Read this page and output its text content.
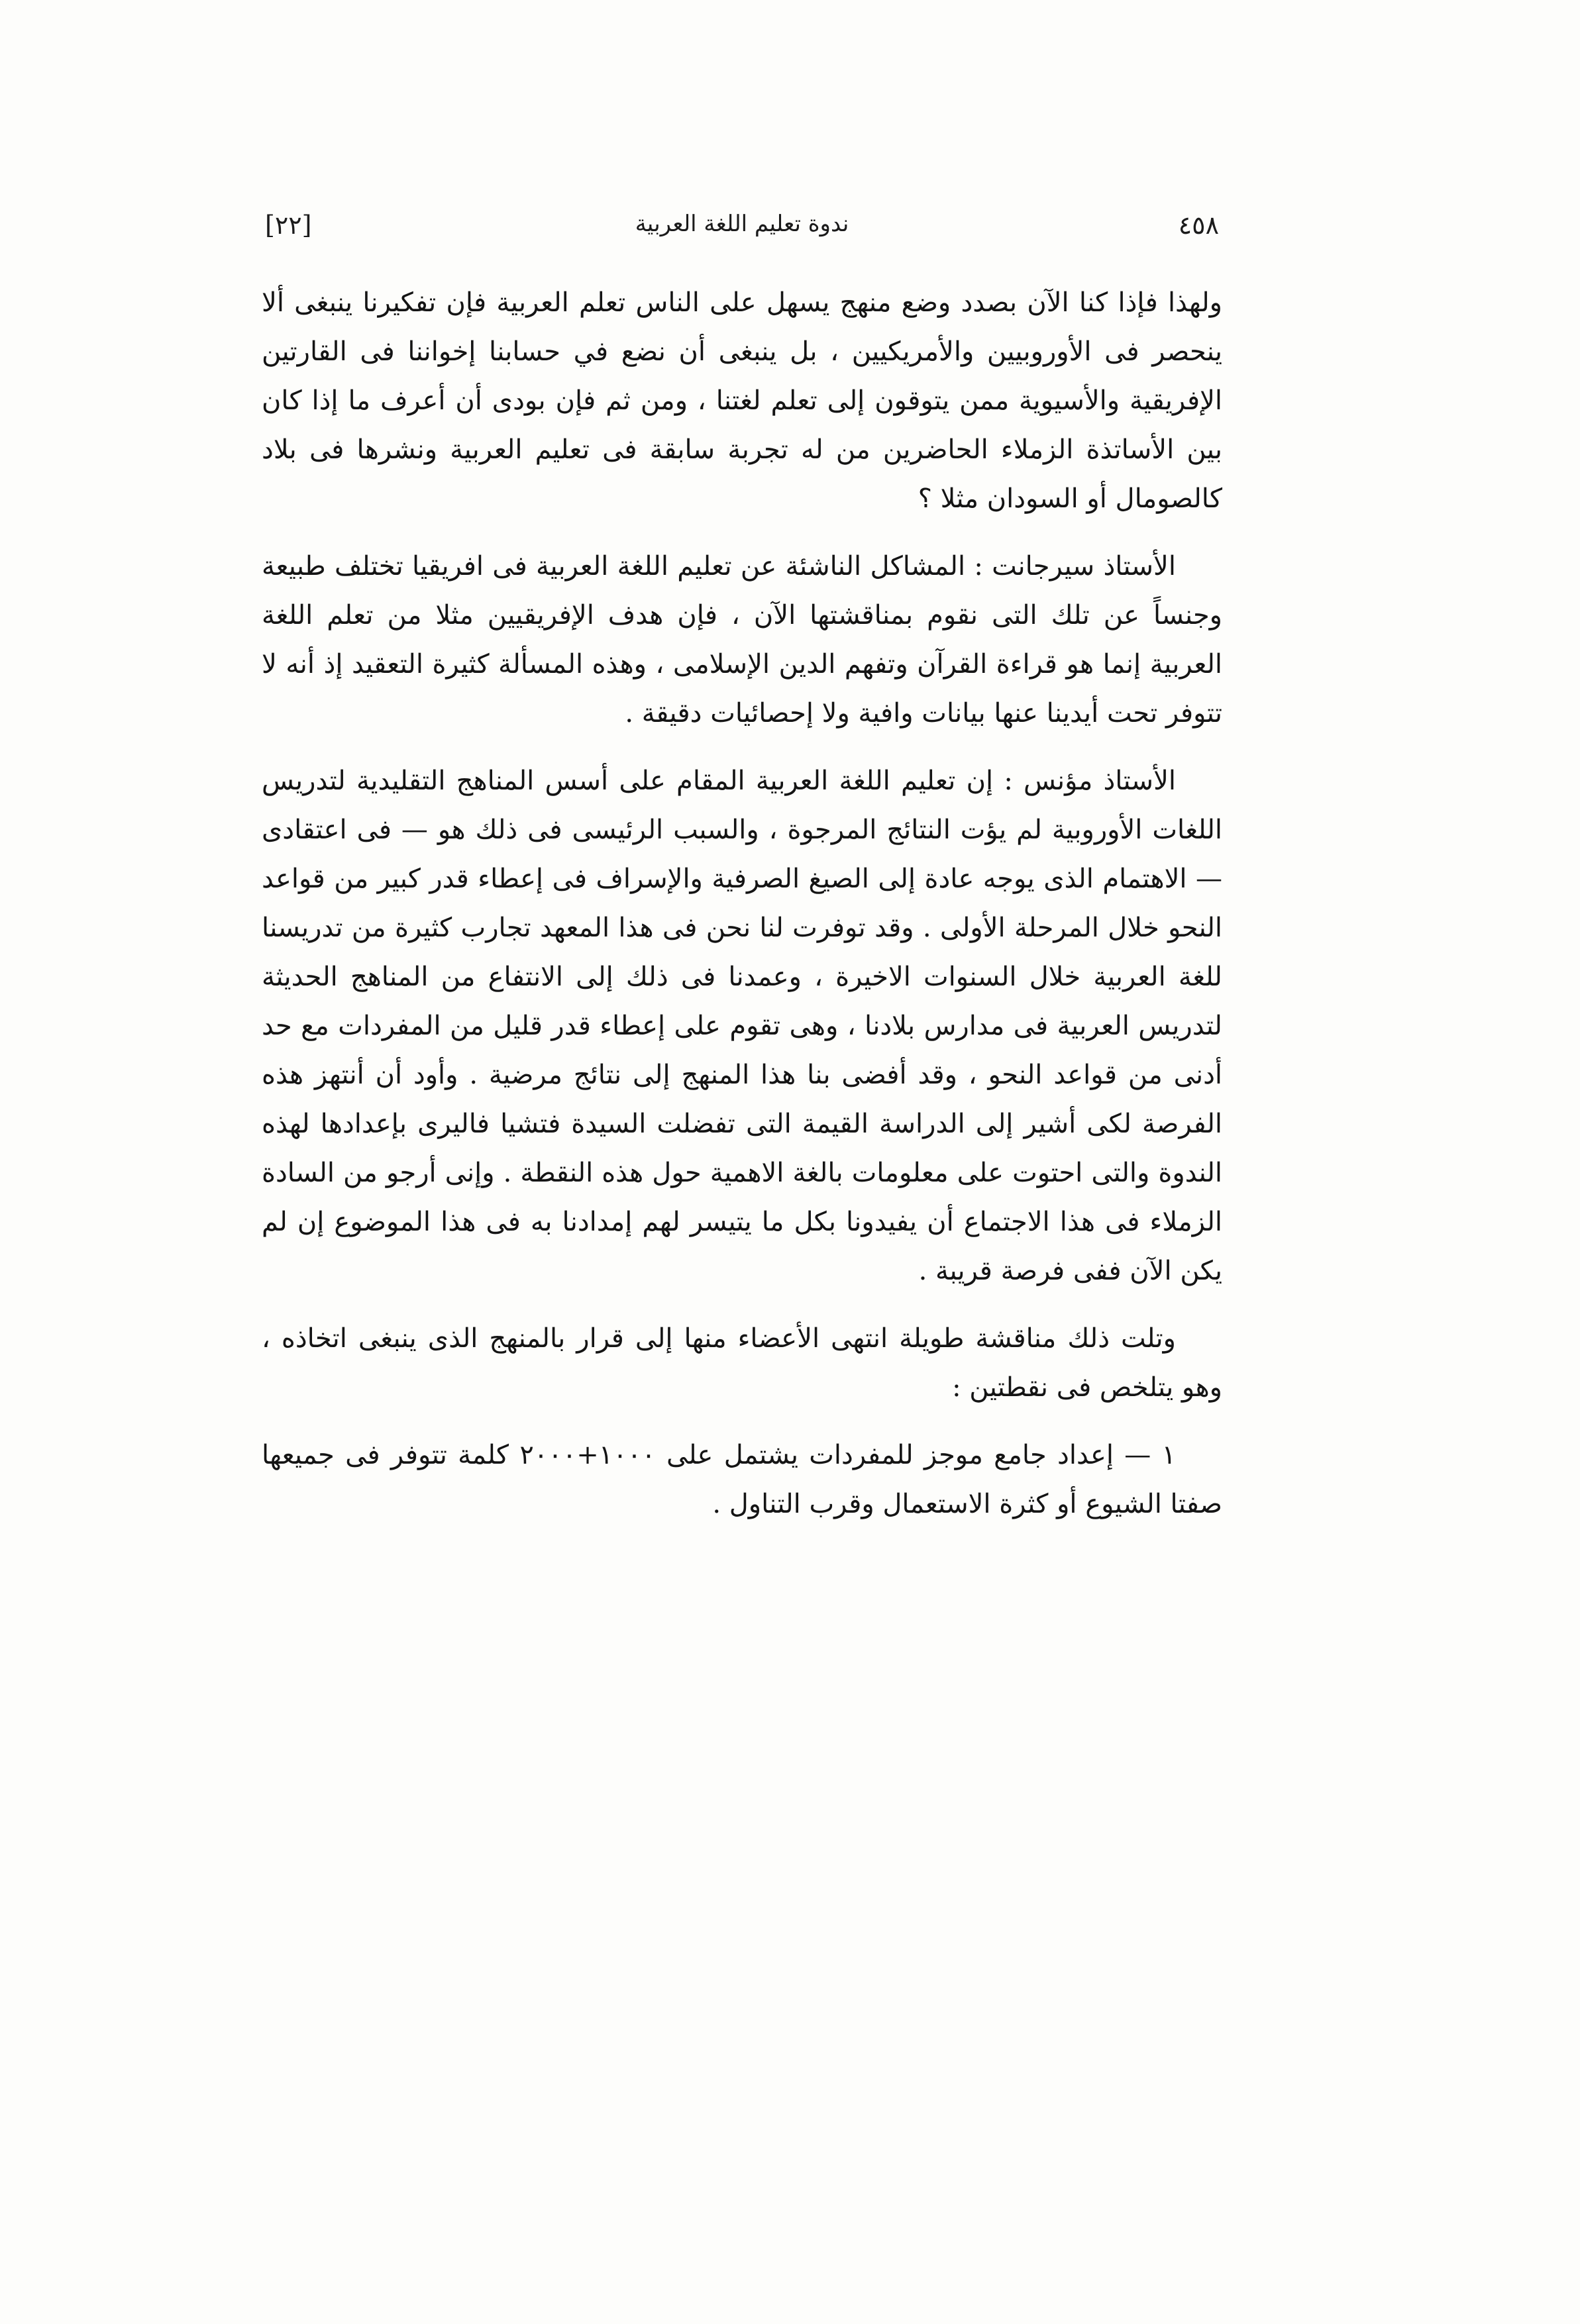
٤٥٨
ندوة تعليم اللغة العربية
[٢٢]

ولهذا فإذا كنا الآن بصدد وضع منهج يسهل على الناس تعلم العربية فإن تفكيرنا ينبغى ألا ينحصر فى الأوروبيين والأمريكيين ، بل ينبغى أن نضع في حسابنا إخواننا فى القارتين الإفريقية والأسيوية ممن يتوقون إلى تعلم لغتنا ، ومن ثم فإن بودى أن أعرف ما إذا كان بين الأساتذة الزملاء الحاضرين من له تجربة سابقة فى تعليم العربية ونشرها فى بلاد كالصومال أو السودان مثلا ؟

الأستاذ سيرجانت : المشاكل الناشئة عن تعليم اللغة العربية فى افريقيا تختلف طبيعة وجنساً عن تلك التى نقوم بمناقشتها الآن ، فإن هدف الإفريقيين مثلا من تعلم اللغة العربية إنما هو قراءة القرآن وتفهم الدين الإسلامى ، وهذه المسألة كثيرة التعقيد إذ أنه لا تتوفر تحت أيدينا عنها بيانات وافية ولا إحصائيات دقيقة .

الأستاذ مؤنس : إن تعليم اللغة العربية المقام على أسس المناهج التقليدية لتدريس اللغات الأوروبية لم يؤت النتائج المرجوة ، والسبب الرئيسى فى ذلك هو — فى اعتقادى — الاهتمام الذى يوجه عادة إلى الصيغ الصرفية والإسراف فى إعطاء قدر كبير من قواعد النحو خلال المرحلة الأولى . وقد توفرت لنا نحن فى هذا المعهد تجارب كثيرة من تدريسنا للغة العربية خلال السنوات الاخيرة ، وعمدنا فى ذلك إلى الانتفاع من المناهج الحديثة لتدريس العربية فى مدارس بلادنا ، وهى تقوم على إعطاء قدر قليل من المفردات مع حد أدنى من قواعد النحو ، وقد أفضى بنا هذا المنهج إلى نتائج مرضية . وأود أن أنتهز هذه الفرصة لكى أشير إلى الدراسة القيمة التى تفضلت السيدة فتشيا فاليرى بإعدادها لهذه الندوة والتى احتوت على معلومات بالغة الاهمية حول هذه النقطة . وإنى أرجو من السادة الزملاء فى هذا الاجتماع أن يفيدونا بكل ما يتيسر لهم إمدادنا به فى هذا الموضوع إن لم يكن الآن ففى فرصة قريبة .

وتلت ذلك مناقشة طويلة انتهى الأعضاء منها إلى قرار بالمنهج الذى ينبغى اتخاذه ، وهو يتلخص فى نقطتين :

١ — إعداد جامع موجز للمفردات يشتمل على ١٠٠٠+٢٠٠٠ كلمة تتوفر فى جميعها صفتا الشيوع أو كثرة الاستعمال وقرب التناول .
